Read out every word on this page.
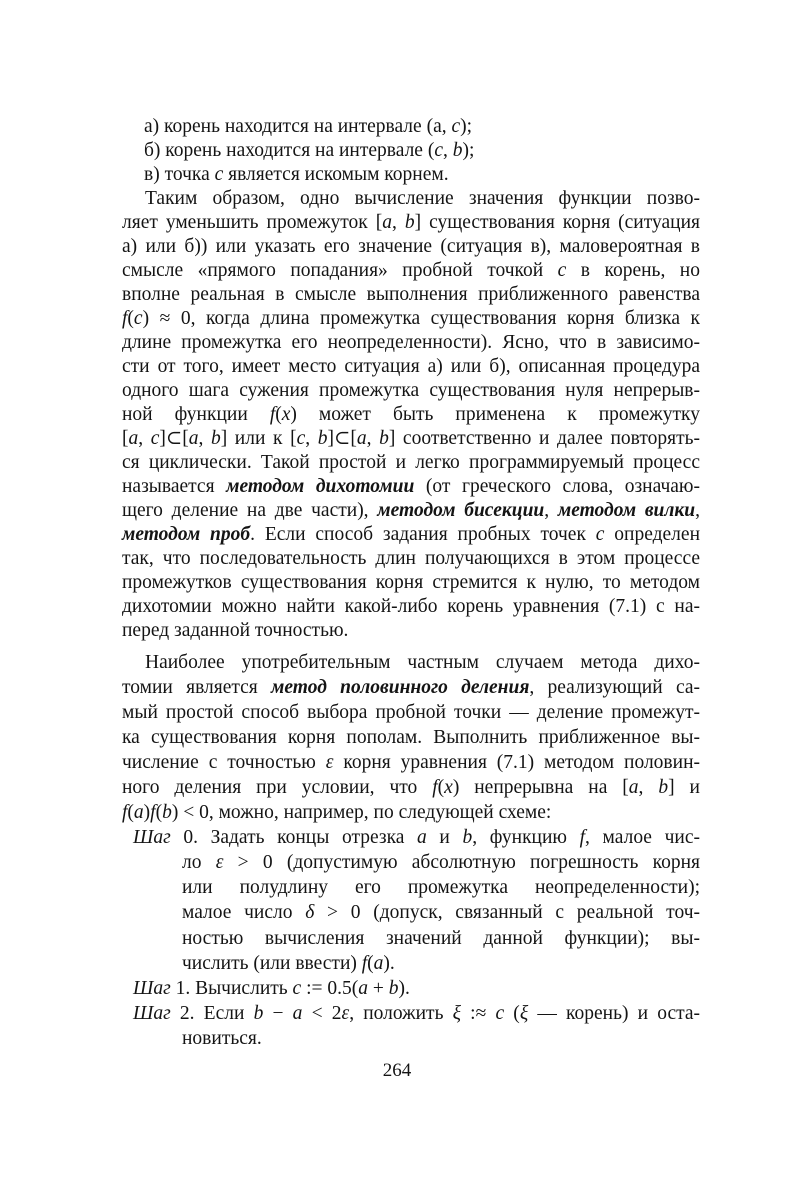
а) корень находится на интервале (a, c);
б) корень находится на интервале (c, b);
в) точка c является искомым корнем.
Таким образом, одно вычисление значения функции позво-
ляет уменьшить промежуток [a, b] существования корня (ситуация
а) или б)) или указать его значение (ситуация в), маловероятная в
смысле «прямого попадания» пробной точкой c в корень, но
вполне реальная в смысле выполнения приближенного равенства
f(c) ≈ 0, когда длина промежутка существования корня близка к
длине промежутка его неопределенности). Ясно, что в зависимо-
сти от того, имеет место ситуация а) или б), описанная процедура
одного шага сужения промежутка существования нуля непрерыв-
ной функции f(x) может быть применена к промежутку
[a, c]⊂[a, b] или к [c, b]⊂[a, b] соответственно и далее повторять-
ся циклически. Такой простой и легко программируемый процесс
называется методом дихотомии (от греческого слова, означаю-
щего деление на две части), методом бисекции, методом вилки,
методом проб. Если способ задания пробных точек c определен
так, что последовательность длин получающихся в этом процессе
промежутков существования корня стремится к нулю, то методом
дихотомии можно найти какой-либо корень уравнения (7.1) с на-
перед заданной точностью.
Наиболее употребительным частным случаем метода дихо-
томии является метод половинного деления, реализующий са-
мый простой способ выбора пробной точки — деление промежут-
ка существования корня пополам. Выполнить приближенное вы-
числение с точностью ε корня уравнения (7.1) методом половин-
ного деления при условии, что f(x) непрерывна на [a, b] и
f(a)f(b) < 0, можно, например, по следующей схеме:
Шаг 0. Задать концы отрезка a и b, функцию f, малое чис-
ло ε > 0 (допустимую абсолютную погрешность корня
или полудлину его промежутка неопределенности);
малое число δ > 0 (допуск, связанный с реальной точ-
ностью вычисления значений данной функции); вы-
числить (или ввести) f(a).
Шаг 1. Вычислить c := 0.5(a + b).
Шаг 2. Если b − a < 2ε, положить ξ :≈ c (ξ — корень) и оста-
новиться.
264
